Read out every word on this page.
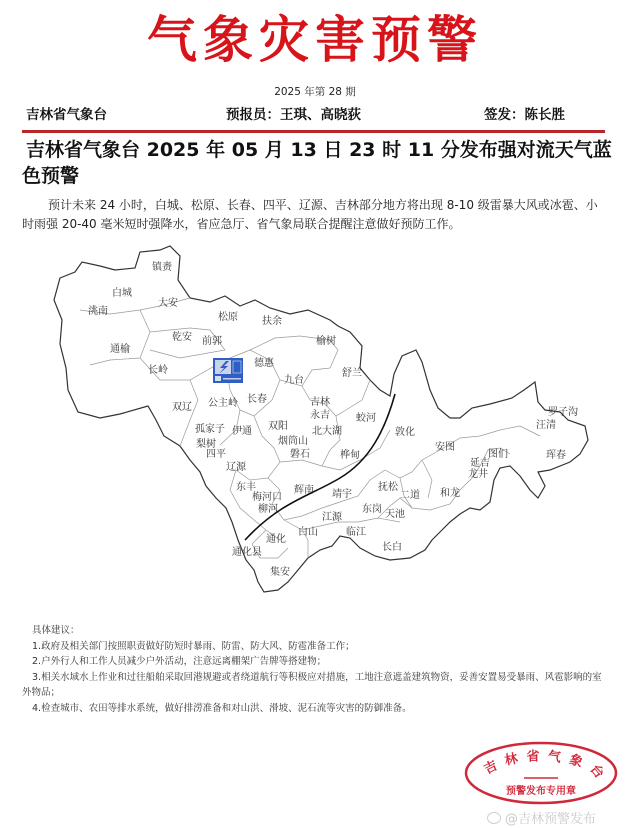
气象灾害预警
2025 年第 28 期
吉林省气象台	预报员：王琪、高晓荻	签发：陈长胜
吉林省气象台 2025 年 05 月 13 日 23 时 11 分发布强对流天气蓝色预警
预计未来 24 小时，白城、松原、长春、四平、辽源、吉林部分地方将出现 8-10 级雷暴大风或冰雹、小时雨强 20-40 毫米短时强降水，省应急厅、省气象局联合提醒注意做好预防工作。
镇赉
白城
大安
洮南
松原 扶余
乾安 前郭
通榆
榆树
德惠
长岭	舒兰
九台
长春
公主岭
双辽	吉林
永吉	蛟河
罗子沟
汪清
孤家子 伊通 双阳 北大湖	敦化
烟筒山
梨树
四平
安图
图们	珲春
磐石	桦甸
延吉
龙井
辽源
东丰
梅河口
辉南 靖宇
抚松
二道 和龙
柳河	东岗 天池
江源
白山	临江
通化
通化县	长白
集安
具体建议：
1.政府及相关部门按照职责做好防短时暴雨、防雷、防大风、防雹准备工作；
2.户外行人和工作人员减少户外活动，注意远离棚架广告牌等搭建物；
3.相关水域水上作业和过往船舶采取回港规避或者绕道航行等积极应对措施，工地注意遮盖建筑物资，妥善安置易受暴雨、风雹影响的室外物品；
4.检查城市、农田等排水系统，做好排涝准备和对山洪、滑坡、泥石流等灾害的防御准备。
吉林省气象台
预警发布专用章
@吉林预警发布
